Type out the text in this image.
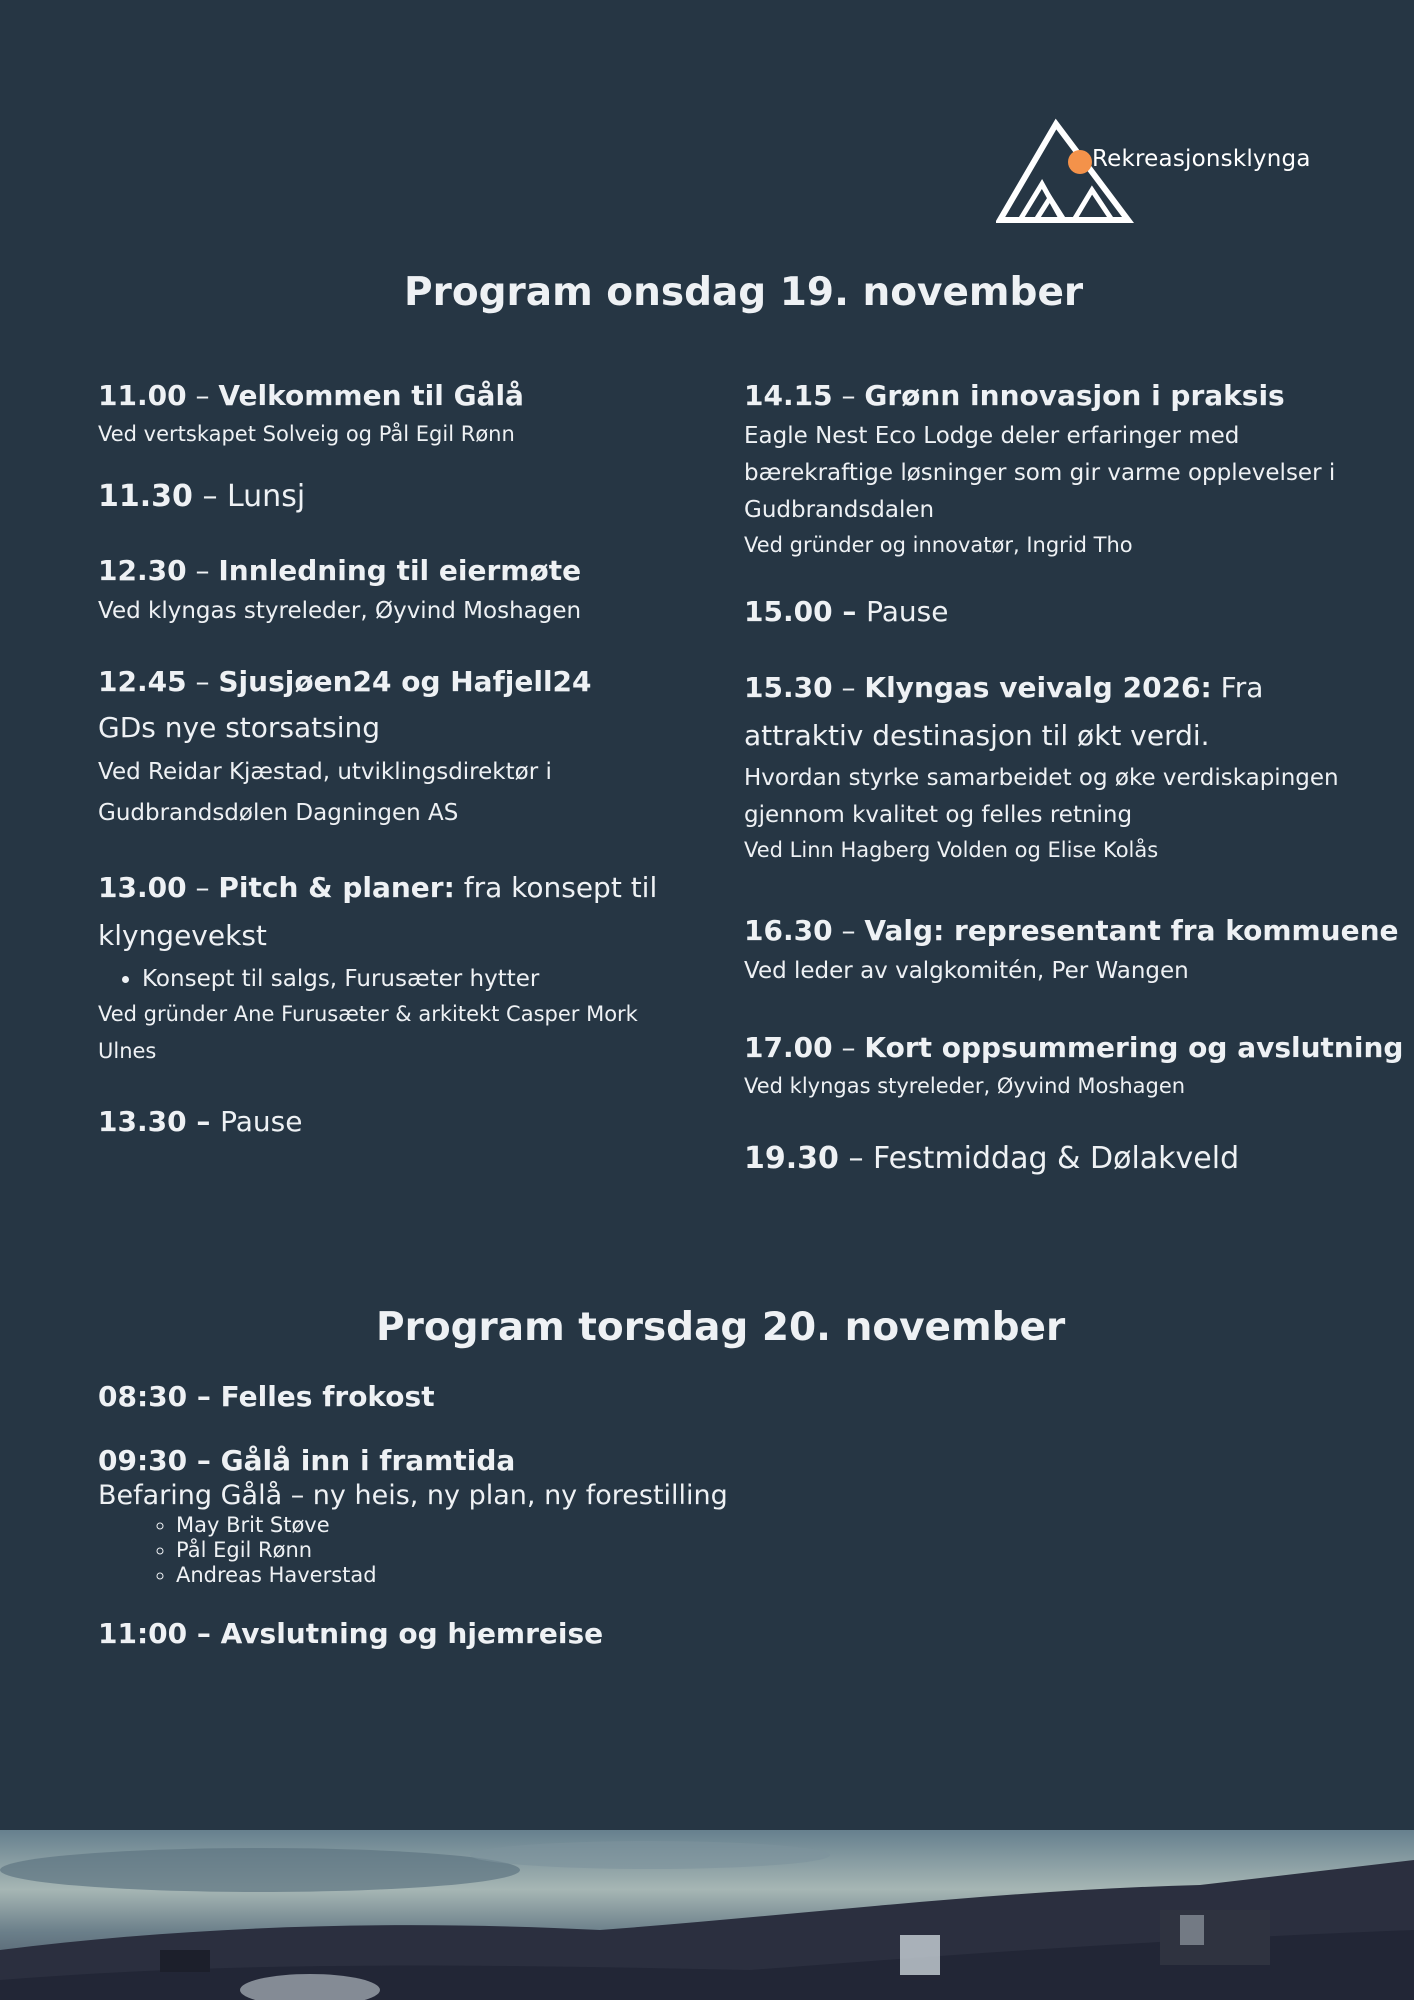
Rekreasjonsklynga
Program onsdag 19. november
11.00 – Velkommen til Gålå
Ved vertskapet Solveig og Pål Egil Rønn
11.30 – Lunsj
12.30 – Innledning til eiermøte
Ved klyngas styreleder, Øyvind Moshagen
12.45 – Sjusjøen24 og Hafjell24
GDs nye storsatsing
Ved Reidar Kjæstad, utviklingsdirektør i Gudbrandsdølen Dagningen AS
13.00 – Pitch & planer: fra konsept til klyngevekst
• Konsept til salgs, Furusæter hytter
Ved gründer Ane Furusæter & arkitekt Casper Mork Ulnes
13.30 – Pause
14.15 – Grønn innovasjon i praksis
Eagle Nest Eco Lodge deler erfaringer med bærekraftige løsninger som gir varme opplevelser i Gudbrandsdalen
Ved gründer og innovatør, Ingrid Tho
15.00 – Pause
15.30 – Klyngas veivalg 2026: Fra attraktiv destinasjon til økt verdi.
Hvordan styrke samarbeidet og øke verdiskapingen gjennom kvalitet og felles retning
Ved Linn Hagberg Volden og Elise Kolås
16.30 – Valg: representant fra kommuene
Ved leder av valgkomitén, Per Wangen
17.00 – Kort oppsummering og avslutning
Ved klyngas styreleder, Øyvind Moshagen
19.30 – Festmiddag & Dølakveld
Program torsdag 20. november
08:30 – Felles frokost
09:30 – Gålå inn i framtida
Befaring Gålå – ny heis, ny plan, ny forestilling
◦ May Brit Støve
◦ Pål Egil Rønn
◦ Andreas Haverstad
11:00 – Avslutning og hjemreise
